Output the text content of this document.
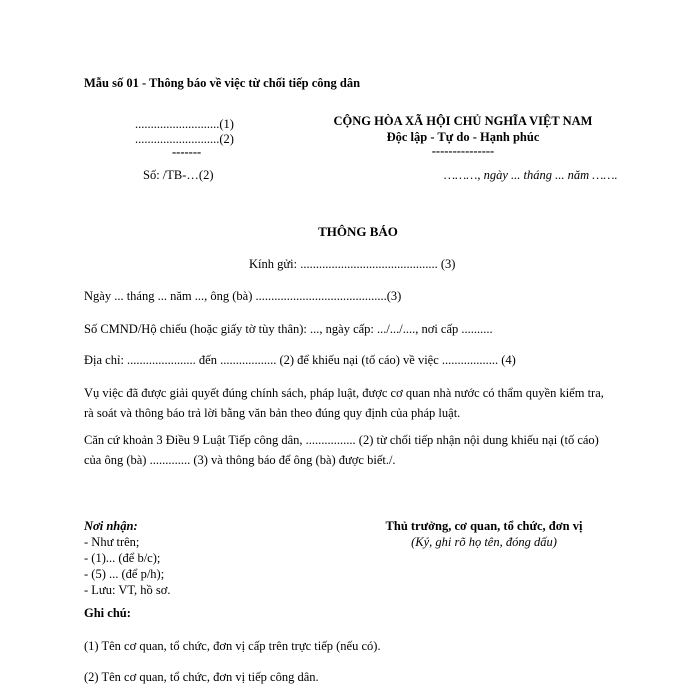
Mẫu số 01 - Thông báo về việc từ chối tiếp công dân
...........................(1)
...........................(2)
-------
Số: /TB-…(2)
CỘNG HÒA XÃ HỘI CHỦ NGHĨA VIỆT NAM
Độc lập - Tự do - Hạnh phúc
---------------
………, ngày ... tháng ... năm …….
THÔNG BÁO
Kính gửi: ............................................ (3)
Ngày ... tháng ... năm ..., ông (bà) ..........................................(3)
Số CMND/Hộ chiếu (hoặc giấy tờ tùy thân): ..., ngày cấp: .../.../...., nơi cấp ..........
Địa chỉ: ...................... đến .................. (2) để khiếu nại (tố cáo) về việc .................. (4)
Vụ việc đã được giải quyết đúng chính sách, pháp luật, được cơ quan nhà nước có thẩm quyền kiểm tra, rà soát và thông báo trả lời bằng văn bản theo đúng quy định của pháp luật.
Căn cứ khoản 3 Điều 9 Luật Tiếp công dân, ................ (2) từ chối tiếp nhận nội dung khiếu nại (tố cáo) của ông (bà) ............. (3) và thông báo để ông (bà) được biết./.
Nơi nhận:
- Như trên;
- (1)... (để b/c);
- (5) ... (để p/h);
- Lưu: VT, hồ sơ.
Thủ trưởng, cơ quan, tổ chức, đơn vị
(Ký, ghi rõ họ tên, đóng dấu)
Ghi chú:
(1) Tên cơ quan, tổ chức, đơn vị cấp trên trực tiếp (nếu có).
(2) Tên cơ quan, tổ chức, đơn vị tiếp công dân.
